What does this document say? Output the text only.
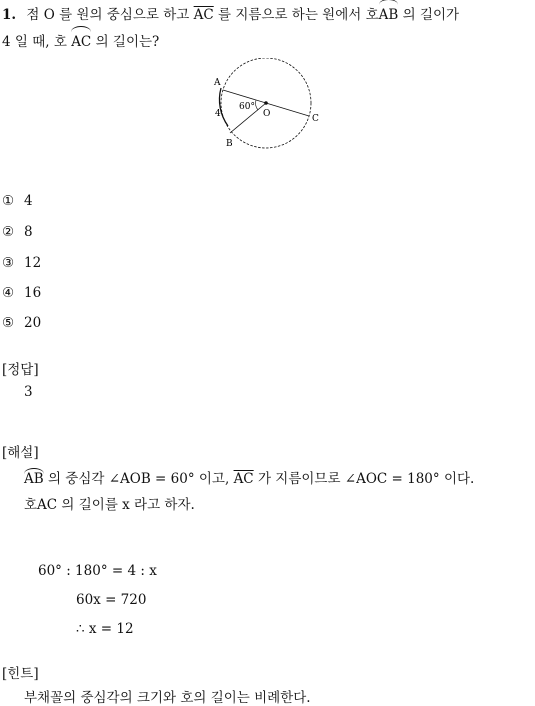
1. 점 O 를 원의 중심으로 하고 $\overline{AC}$ 를 지름으로 하는 원에서 호AB 의 길이가
4 일 때, 호 AC 의 길이는?
A
B
C
O
60°
4
① 4
② 8
③ 12
④ 16
⑤ 20
[정답]
3
[해설]
AB 의 중심각 ∠AOB = 60° 이고, $\overline{AC}$ 가 지름이므로 ∠AOC = 180° 이다.
호AC 의 길이를 x 라고 하자.
60° : 180° = 4 : x
60x = 720
∴ x = 12
[힌트]
부채꼴의 중심각의 크기와 호의 길이는 비례한다.
